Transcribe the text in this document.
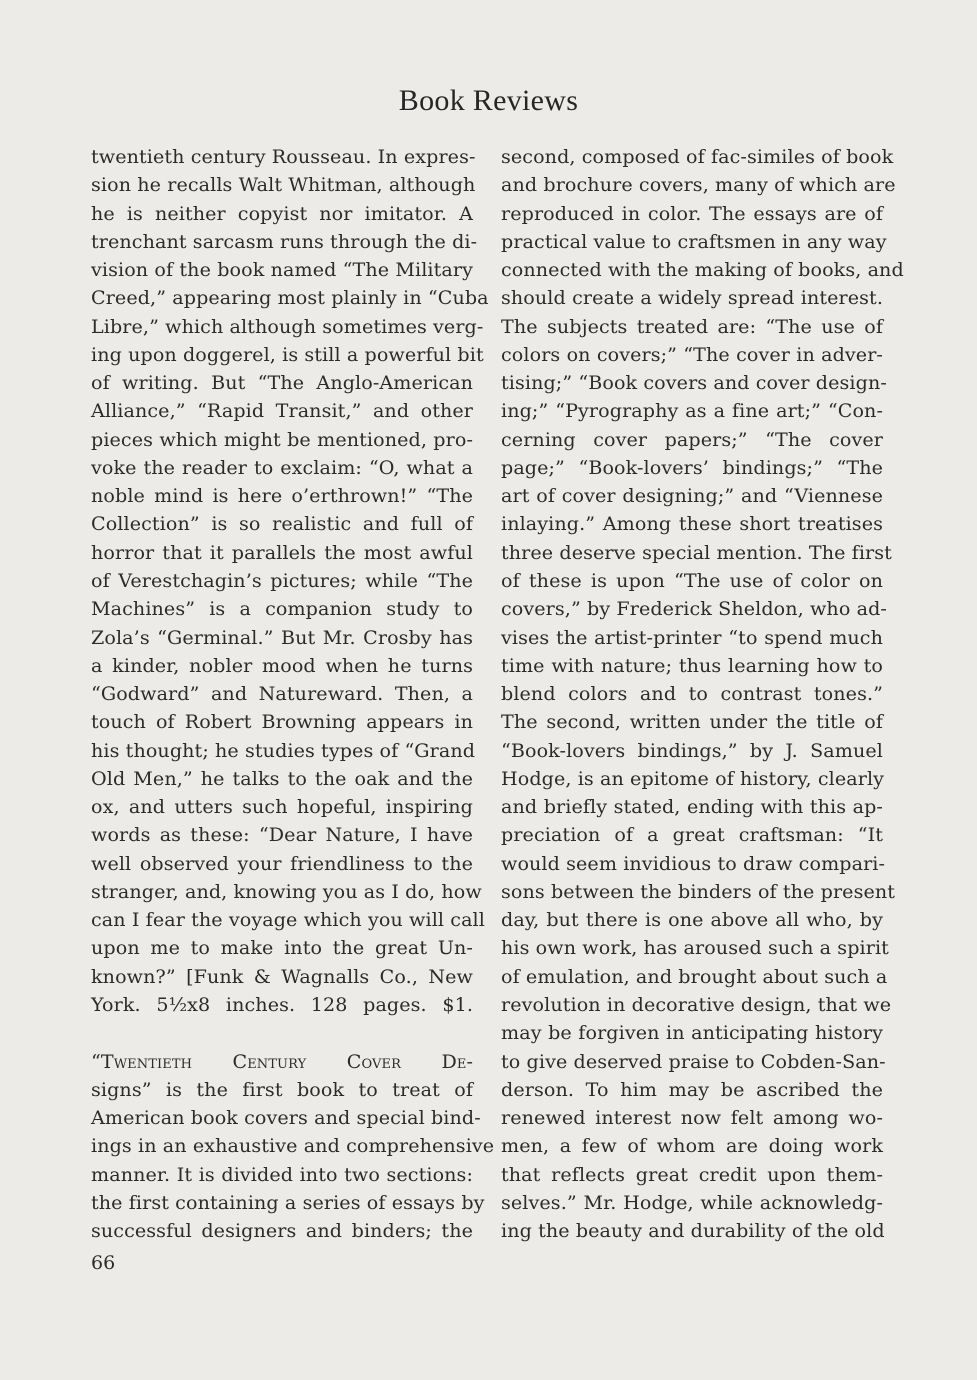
Book Reviews
twentieth century Rousseau. In expres-
sion he recalls Walt Whitman, although
he is neither copyist nor imitator. A
trenchant sarcasm runs through the di-
vision of the book named “The Military
Creed,” appearing most plainly in “Cuba
Libre,” which although sometimes verg-
ing upon doggerel, is still a powerful bit
of writing. But “The Anglo-American
Alliance,” “Rapid Transit,” and other
pieces which might be mentioned, pro-
voke the reader to exclaim: “O, what a
noble mind is here o’erthrown!” “The
Collection” is so realistic and full of
horror that it parallels the most awful
of Verestchagin’s pictures; while “The
Machines” is a companion study to
Zola’s “Germinal.” But Mr. Crosby has
a kinder, nobler mood when he turns
“Godward” and Natureward. Then, a
touch of Robert Browning appears in
his thought; he studies types of “Grand
Old Men,” he talks to the oak and the
ox, and utters such hopeful, inspiring
words as these: “Dear Nature, I have
well observed your friendliness to the
stranger, and, knowing you as I do, how
can I fear the voyage which you will call
upon me to make into the great Un-
known?” [Funk & Wagnalls Co., New
York. 5½x8 inches. 128 pages. $1.
“Twentieth Century Cover De-
signs” is the first book to treat of
American book covers and special bind-
ings in an exhaustive and comprehensive
manner. It is divided into two sections:
the first containing a series of essays by
successful designers and binders; the
second, composed of fac-similes of book
and brochure covers, many of which are
reproduced in color. The essays are of
practical value to craftsmen in any way
connected with the making of books, and
should create a widely spread interest.
The subjects treated are: “The use of
colors on covers;” “The cover in adver-
tising;” “Book covers and cover design-
ing;” “Pyrography as a fine art;” “Con-
cerning cover papers;” “The cover
page;” “Book-lovers’ bindings;” “The
art of cover designing;” and “Viennese
inlaying.” Among these short treatises
three deserve special mention. The first
of these is upon “The use of color on
covers,” by Frederick Sheldon, who ad-
vises the artist-printer “to spend much
time with nature; thus learning how to
blend colors and to contrast tones.”
The second, written under the title of
“Book-lovers bindings,” by J. Samuel
Hodge, is an epitome of history, clearly
and briefly stated, ending with this ap-
preciation of a great craftsman: “It
would seem invidious to draw compari-
sons between the binders of the present
day, but there is one above all who, by
his own work, has aroused such a spirit
of emulation, and brought about such a
revolution in decorative design, that we
may be forgiven in anticipating history
to give deserved praise to Cobden-San-
derson. To him may be ascribed the
renewed interest now felt among wo-
men, a few of whom are doing work
that reflects great credit upon them-
selves.” Mr. Hodge, while acknowledg-
ing the beauty and durability of the old
66
